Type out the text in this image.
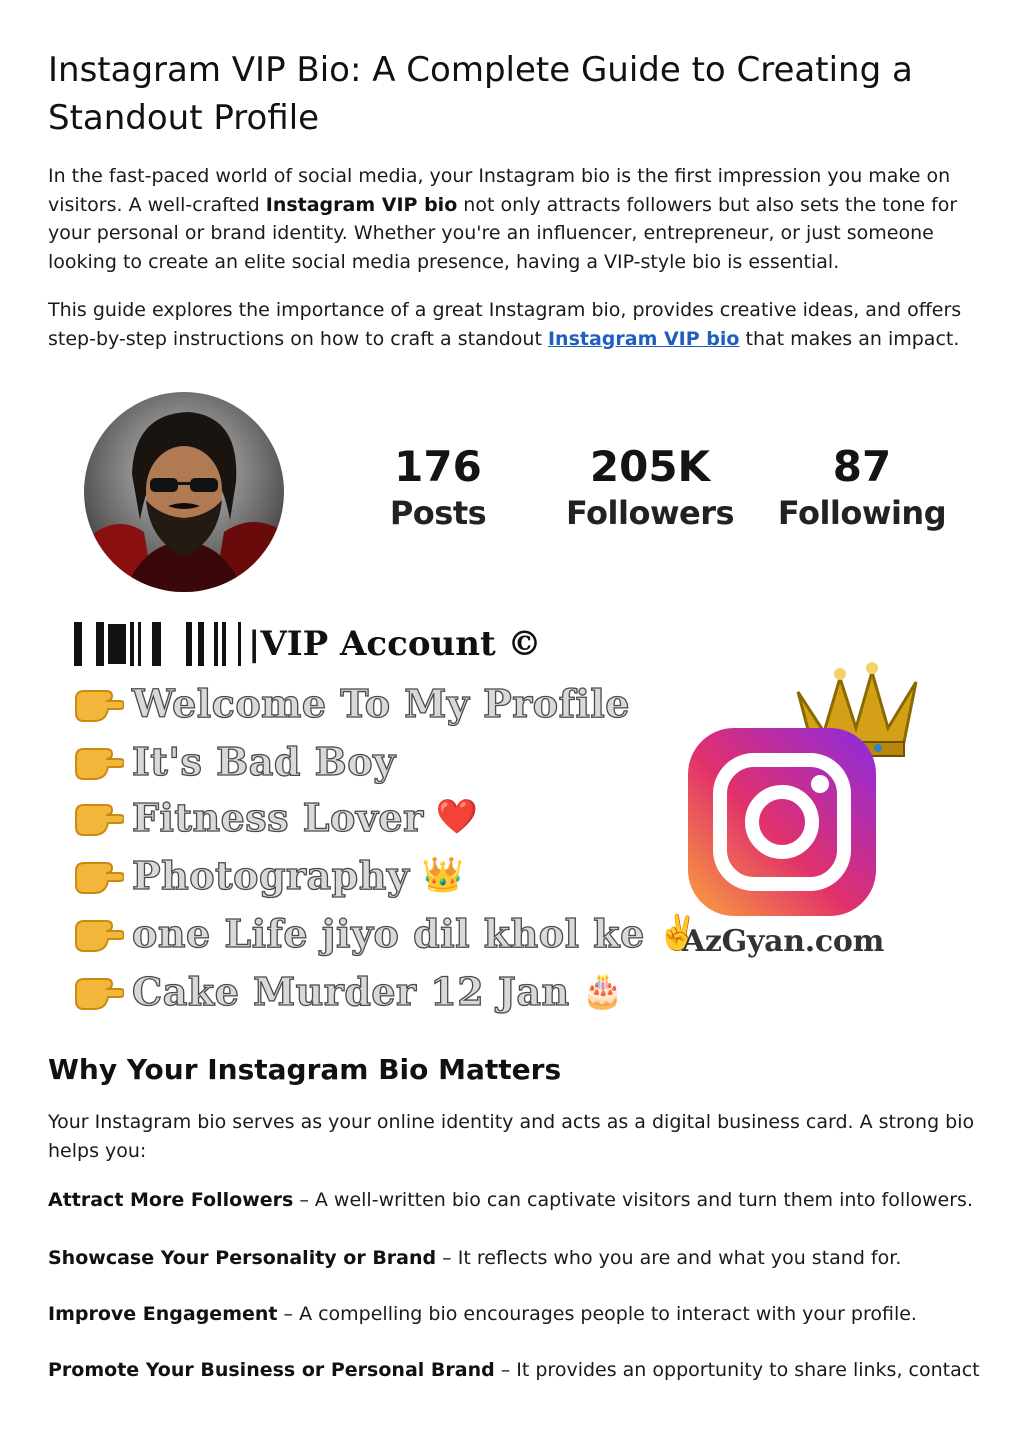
Instagram VIP Bio: A Complete Guide to Creating a Standout Profile

In the fast-paced world of social media, your Instagram bio is the first impression you make on visitors. A well-crafted Instagram VIP bio not only attracts followers but also sets the tone for your personal or brand identity. Whether you're an influencer, entrepreneur, or just someone looking to create an elite social media presence, having a VIP-style bio is essential.

This guide explores the importance of a great Instagram bio, provides creative ideas, and offers step-by-step instructions on how to craft a standout Instagram VIP bio that makes an impact.

176
Posts
205K
Followers
87
Following
|VIP Account ©
Welcome To My Profile
It's Bad Boy
Fitness Lover ❤️
Photography 👑
one Life jiyo dil khol ke ✌️
Cake Murder 12 Jan 🎂
AzGyan.com
Why Your Instagram Bio Matters

Your Instagram bio serves as your online identity and acts as a digital business card. A strong bio helps you:

Attract More Followers – A well-written bio can captivate visitors and turn them into followers.

Showcase Your Personality or Brand – It reflects who you are and what you stand for.

Improve Engagement – A compelling bio encourages people to interact with your profile.

Promote Your Business or Personal Brand – It provides an opportunity to share links, contact
